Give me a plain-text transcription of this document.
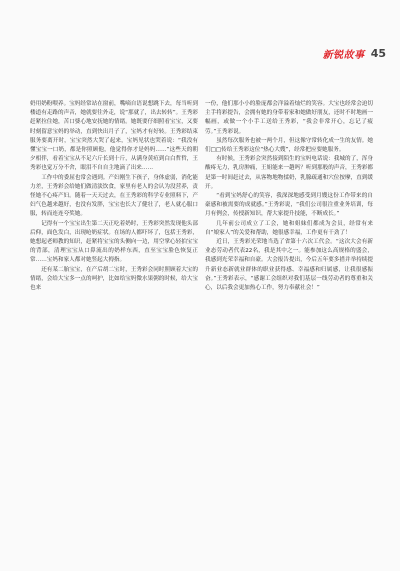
新锐故事 45

奶用奶粉喂养。宝妈经常站在窗前，嘴嘀自语说想跳下去，每当听到楼道有走路的声音，她就要往外走，说“那就了，出去转转”。王秀彩赶紧拉住她，苦口婆心地安抚她的情绪。她既要仔细照看宝宝，又要时刻留意宝妈的举动，直到快出月子了，宝妈才有好转。王秀彩结束服务要离开时，宝宝突然大哭了起来，宝妈见状也哭着说：“我没有懂宝宝一口奶，都是你照顾他，他觉得你才是妈妈……”这些天的朝夕相伴，看着宝宝从不足六斤长到十斤，从满身黄疸到白白哲哲，王秀彩也觉万分不舍，眼泪不自自主地滴了出来……

工作中的委屈也常会遇到。产妇刚生下孩子，身体虚弱，消化能力差，王秀彩会给她们做清淡饮食，家里有老人的会认为没营养，责怪她不心疼产妇。随着一天天过去，在王秀彩的科学专业照料下，产妇气色越来越好，也没有发胖，宝宝也长大了健壮了，老人就心服口服，转而连连夸奖她。

记得有一个宝宝出生第二天正吃着奶时，王秀彩突然发现他头部后仰，面色发白，出现呛奶症状。在场的人都吓坏了，包括王秀彩，她想起老师教的知识，赶紧将宝宝的头侧向一边，用空掌心轻拍宝宝的背部，清理宝宝从口鼻流出的奶样东西，直至宝宝脸色恢复正常……宝妈和家人都对她竖起大拇指。

还有某二胎宝宝，在产后胡二宝时，王秀彩会同时照顾着大宝的情绪，会给大宝多一点的呵护，比如给宝妈微水果粥的时候，给大宝也来

一份，他们那小小的脸庞都会洋溢着灿烂的笑容。大宝也经常会迫切主手将彩提告，会拥有她的身带着家和她做好朋友，还时不时地画一幅画，或做一个小手工送给王秀彩，“我会非常开心，忘记了疲劳。”王秀彩说。

虽然每次服务也被一两个月，但这像守常转化成一生的友情。她们□□传给王秀彩这位“热心大嫂”，经常把应要她服务。

有时候，王秀彩会突然接到陌生的宝妈电话说：我城的了，浑身酸疼无力，乳房肿痛，王姐能来一趟吗？听到那般的声音，王秀彩都是第一时间赶过去，从客物地物揉奶，乳腺疏通和穴位按摩，直到缓开。

“看到宝妈舒心的笑容，我深深地感受到月嫂这份工作带来的自豪感和被需要的成就感。”王秀彩说，“我们公司很注重业务培训，每月有例会，传授新知识，帮大家提升技能，不断成长。”

几年前公司成立了工会，她和姐妹们都成为会员，经常有来自“娘家人”的关爱和帮助，她很感幸福，工作更有干劲了！

近日，王秀彩光荣地当选了省第十六次工代会。“这次大会有新业态劳动者代表22名，我是其中之一。能参加这么高规格的盛会，我感到光荣幸福和自豪。大会报告提出，今后五年要多措并举持续提升新业态新就业群体的职业获得感、幸福感和归属感，让我很感振奋。”王秀彩表示，“感谢工会组织对我们基层一线劳动者的尊重和关心，以后我会更加热心工作，努力奉献社会！”
